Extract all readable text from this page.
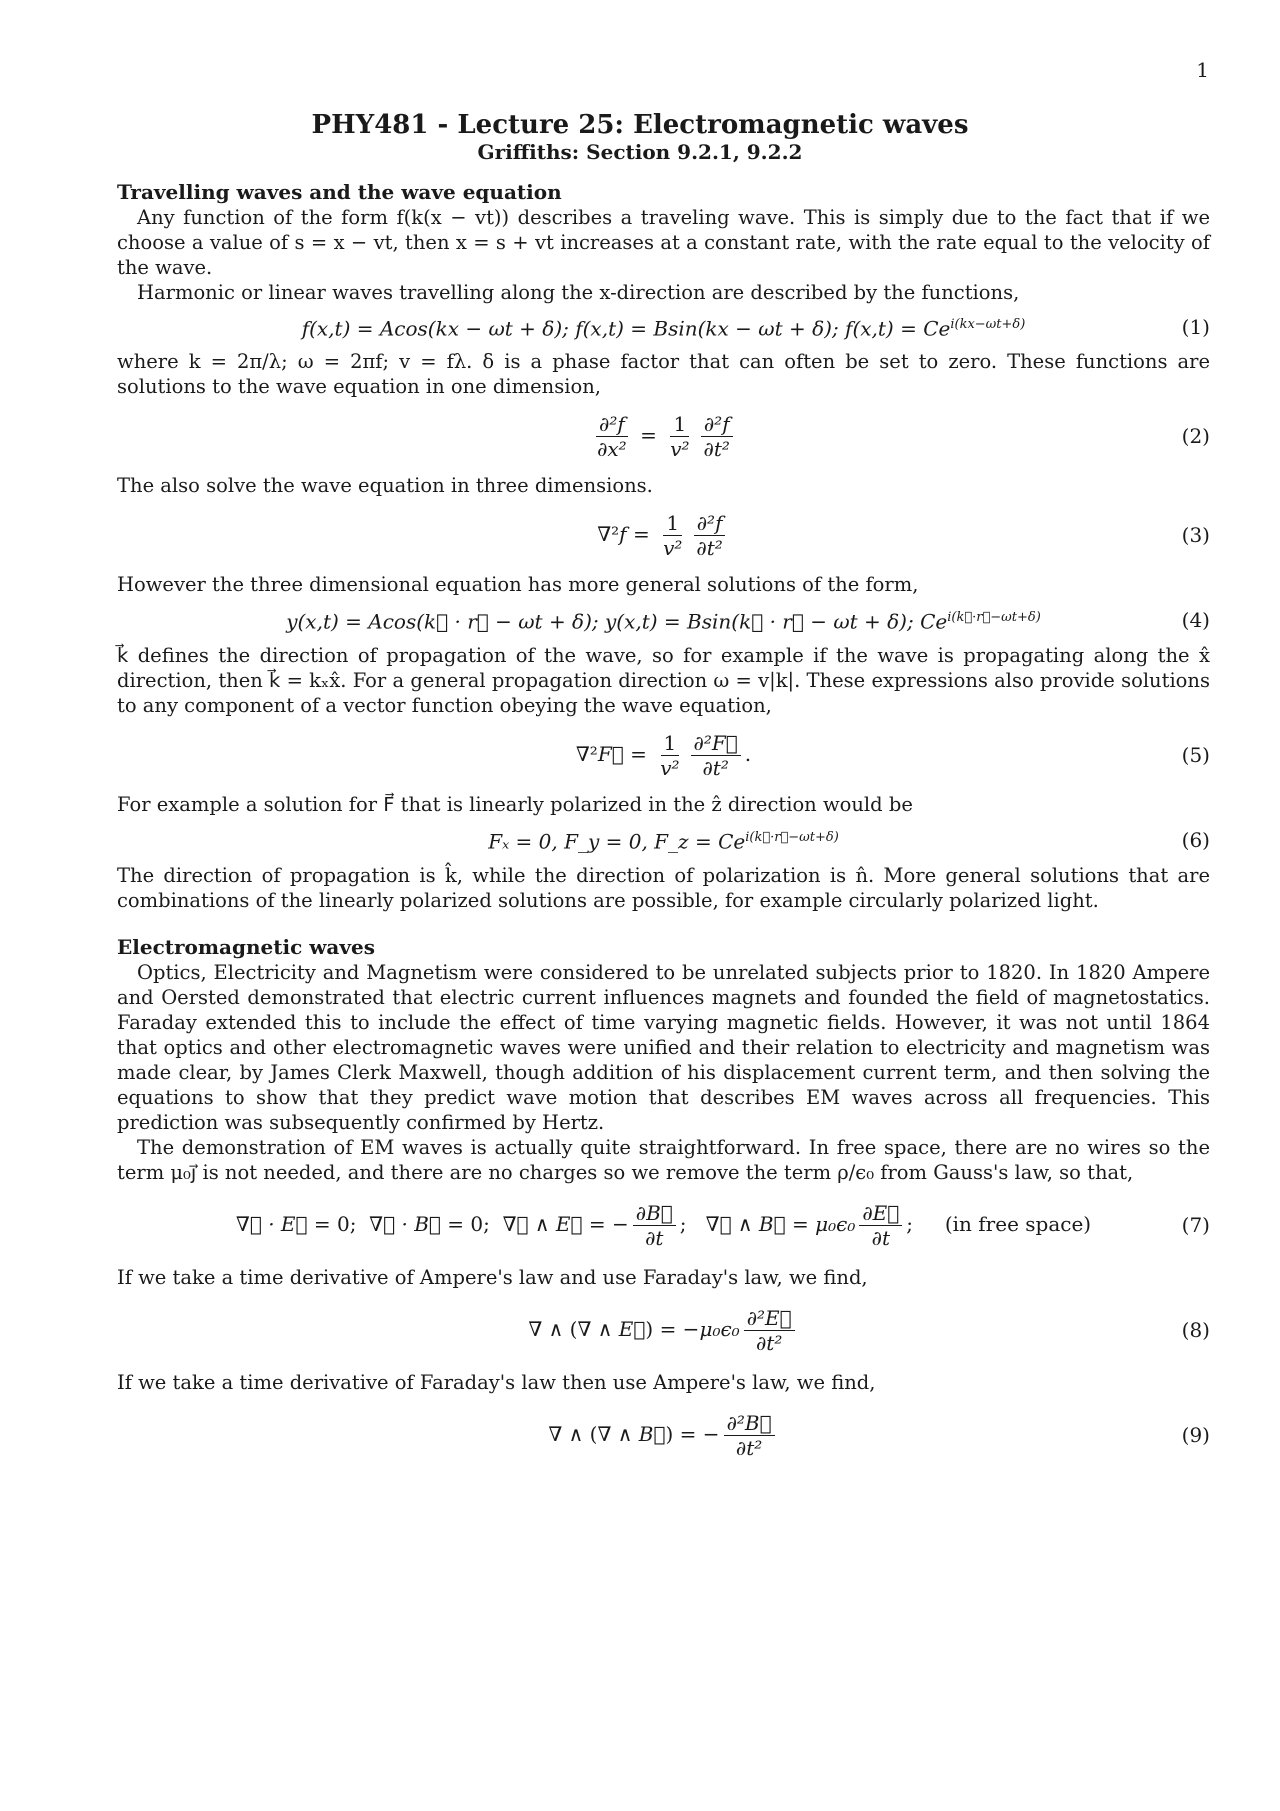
1
PHY481 - Lecture 25: Electromagnetic waves
Griffiths: Section 9.2.1, 9.2.2
Travelling waves and the wave equation

Any function of the form f(k(x − vt)) describes a traveling wave. This is simply due to the fact that if we choose a value of s = x − vt, then x = s + vt increases at a constant rate, with the rate equal to the velocity of the wave.

Harmonic or linear waves travelling along the x-direction are described by the functions,

f(x,t) = Acos(kx − ωt + δ); f(x,t) = Bsin(kx − ωt + δ); $f(x,t) = Ce^{i(kx-\omega t+\delta)}$	(1)

where k = 2π/λ; ω = 2πf; v = fλ. δ is a phase factor that can often be set to zero. These functions are solutions to the wave equation in one dimension,

$\frac{\text{∂²f}}{\text{∂x²}} = \frac{1}{\text{v²}} \frac{\text{∂²f}}{\text{∂t²}}$	(2)

The also solve the wave equation in three dimensions.

$\nabla^2f = \frac{1}{\text{v²}} \frac{\text{∂²f}}{\text{∂t²}}$	(3)

However the three dimensional equation has more general solutions of the form,

y(x,t) = Acos(k⃗ · r⃗ − ωt + δ); y(x,t) = Bsin(k⃗ · r⃗ − ωt + δ); $Ce^{i(k⃗\cdot r⃗-\omega t+\delta)}$	(4)

k⃗ defines the direction of propagation of the wave, so for example if the wave is propagating along the x̂ direction, then k⃗ = kₓx̂. For a general propagation direction ω = v|k|. These expressions also provide solutions to any component of a vector function obeying the wave equation,

∇²F⃗ = $\frac{1}{\text{v²}} \frac{\text{∂²F⃗}}{\text{∂t²}}$ .	(5)

For example a solution for F⃗ that is linearly polarized in the ẑ direction would be

Fₓ = 0, F_y = 0, F_z = $Ce^{i(k⃗\cdot r⃗-\omega t+\delta)}$	(6)

The direction of propagation is k̂, while the direction of polarization is n̂. More general solutions that are combinations of the linearly polarized solutions are possible, for example circularly polarized light.

Electromagnetic waves

Optics, Electricity and Magnetism were considered to be unrelated subjects prior to 1820. In 1820 Ampere and Oersted demonstrated that electric current influences magnets and founded the field of magnetostatics. Faraday extended this to include the effect of time varying magnetic fields. However, it was not until 1864 that optics and other electromagnetic waves were unified and their relation to electricity and magnetism was made clear, by James Clerk Maxwell, though addition of his displacement current term, and then solving the equations to show that they predict wave motion that describes EM waves across all frequencies. This prediction was subsequently confirmed by Hertz.

The demonstration of EM waves is actually quite straightforward. In free space, there are no wires so the term μ₀j⃗ is not needed, and there are no charges so we remove the term ρ/ϵ₀ from Gauss's law, so that,

∇⃗ · E⃗ = 0;  ∇⃗ · B⃗ = 0;  ∇⃗ ∧ E⃗ = − $\frac{\partial B⃗}{\partial t}$ ;   ∇⃗ ∧ B⃗ = $\mu_0\epsilon_0 \frac{\partial E⃗}{\partial t}$ ; (in free space)	(7)

If we take a time derivative of Ampere's law and use Faraday's law, we find,

∇ ∧ (∇ ∧ E⃗) = $-\mu_0\epsilon_0 \frac{\text{∂²E⃗}}{\text{∂t²}}$	(8)

If we take a time derivative of Faraday's law then use Ampere's law, we find,

∇ ∧ (∇ ∧ B⃗) = − $\frac{\text{∂²B⃗}}{\text{∂t²}}$	(9)
